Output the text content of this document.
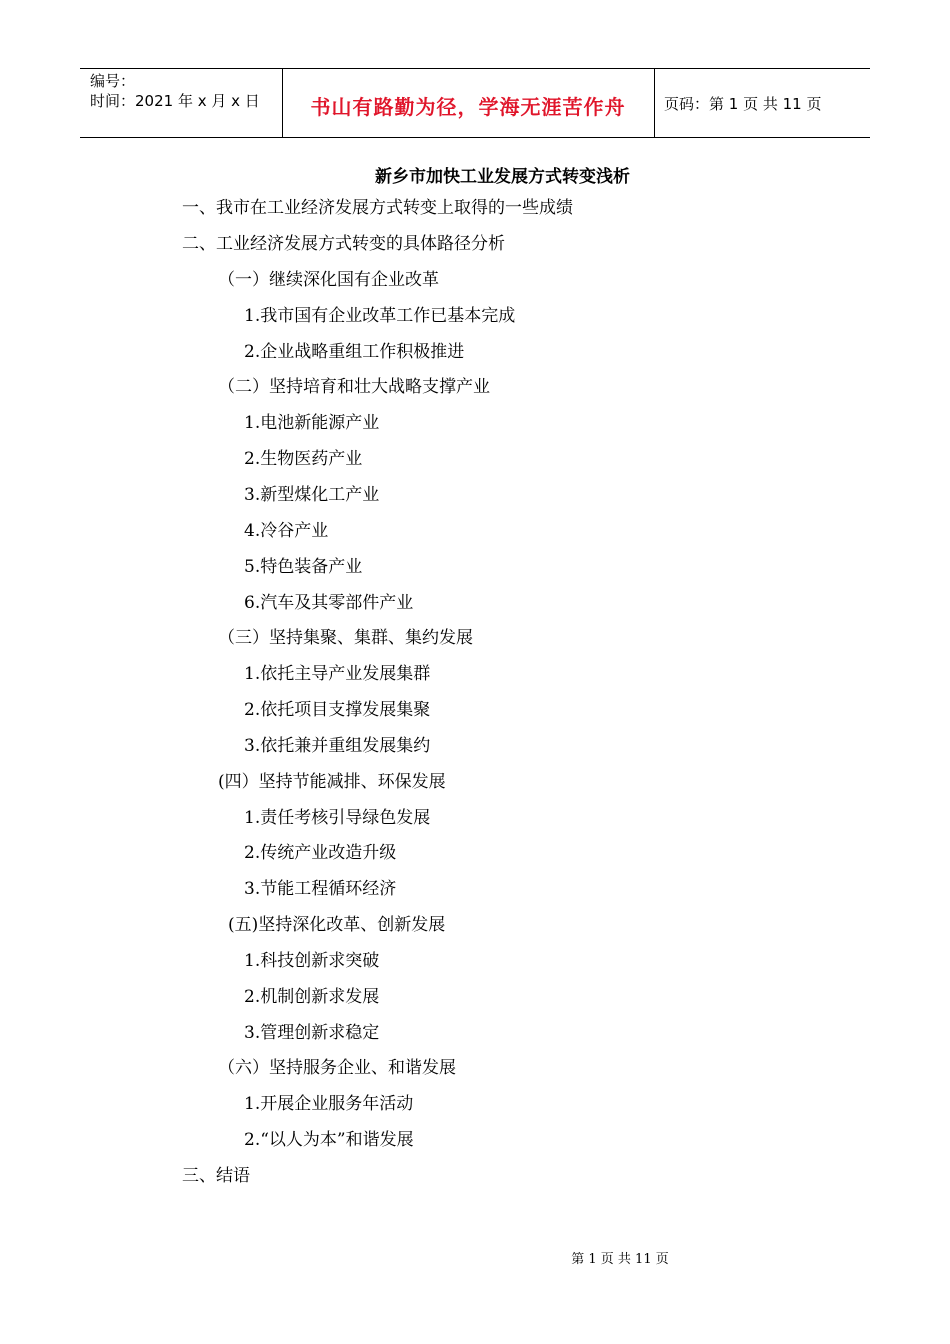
编号：
时间：2021 年 x 月 x 日	书山有路勤为径，学海无涯苦作舟	页码：第 1 页 共 11 页
新乡市加快工业发展方式转变浅析
一、我市在工业经济发展方式转变上取得的一些成绩
二、工业经济发展方式转变的具体路径分析
（一）继续深化国有企业改革
1.我市国有企业改革工作已基本完成
2.企业战略重组工作积极推进
（二）坚持培育和壮大战略支撑产业
1.电池新能源产业
2.生物医药产业
3.新型煤化工产业
4.冷谷产业
5.特色装备产业
6.汽车及其零部件产业
（三）坚持集聚、集群、集约发展
1.依托主导产业发展集群
2.依托项目支撑发展集聚
3.依托兼并重组发展集约
(四）坚持节能减排、环保发展
1.责任考核引导绿色发展
2.传统产业改造升级
3.节能工程循环经济
(五)坚持深化改革、创新发展
1.科技创新求突破
2.机制创新求发展
3.管理创新求稳定
（六）坚持服务企业、和谐发展
1.开展企业服务年活动
2.“以人为本”和谐发展
三、结语
第 1 页 共 11 页
